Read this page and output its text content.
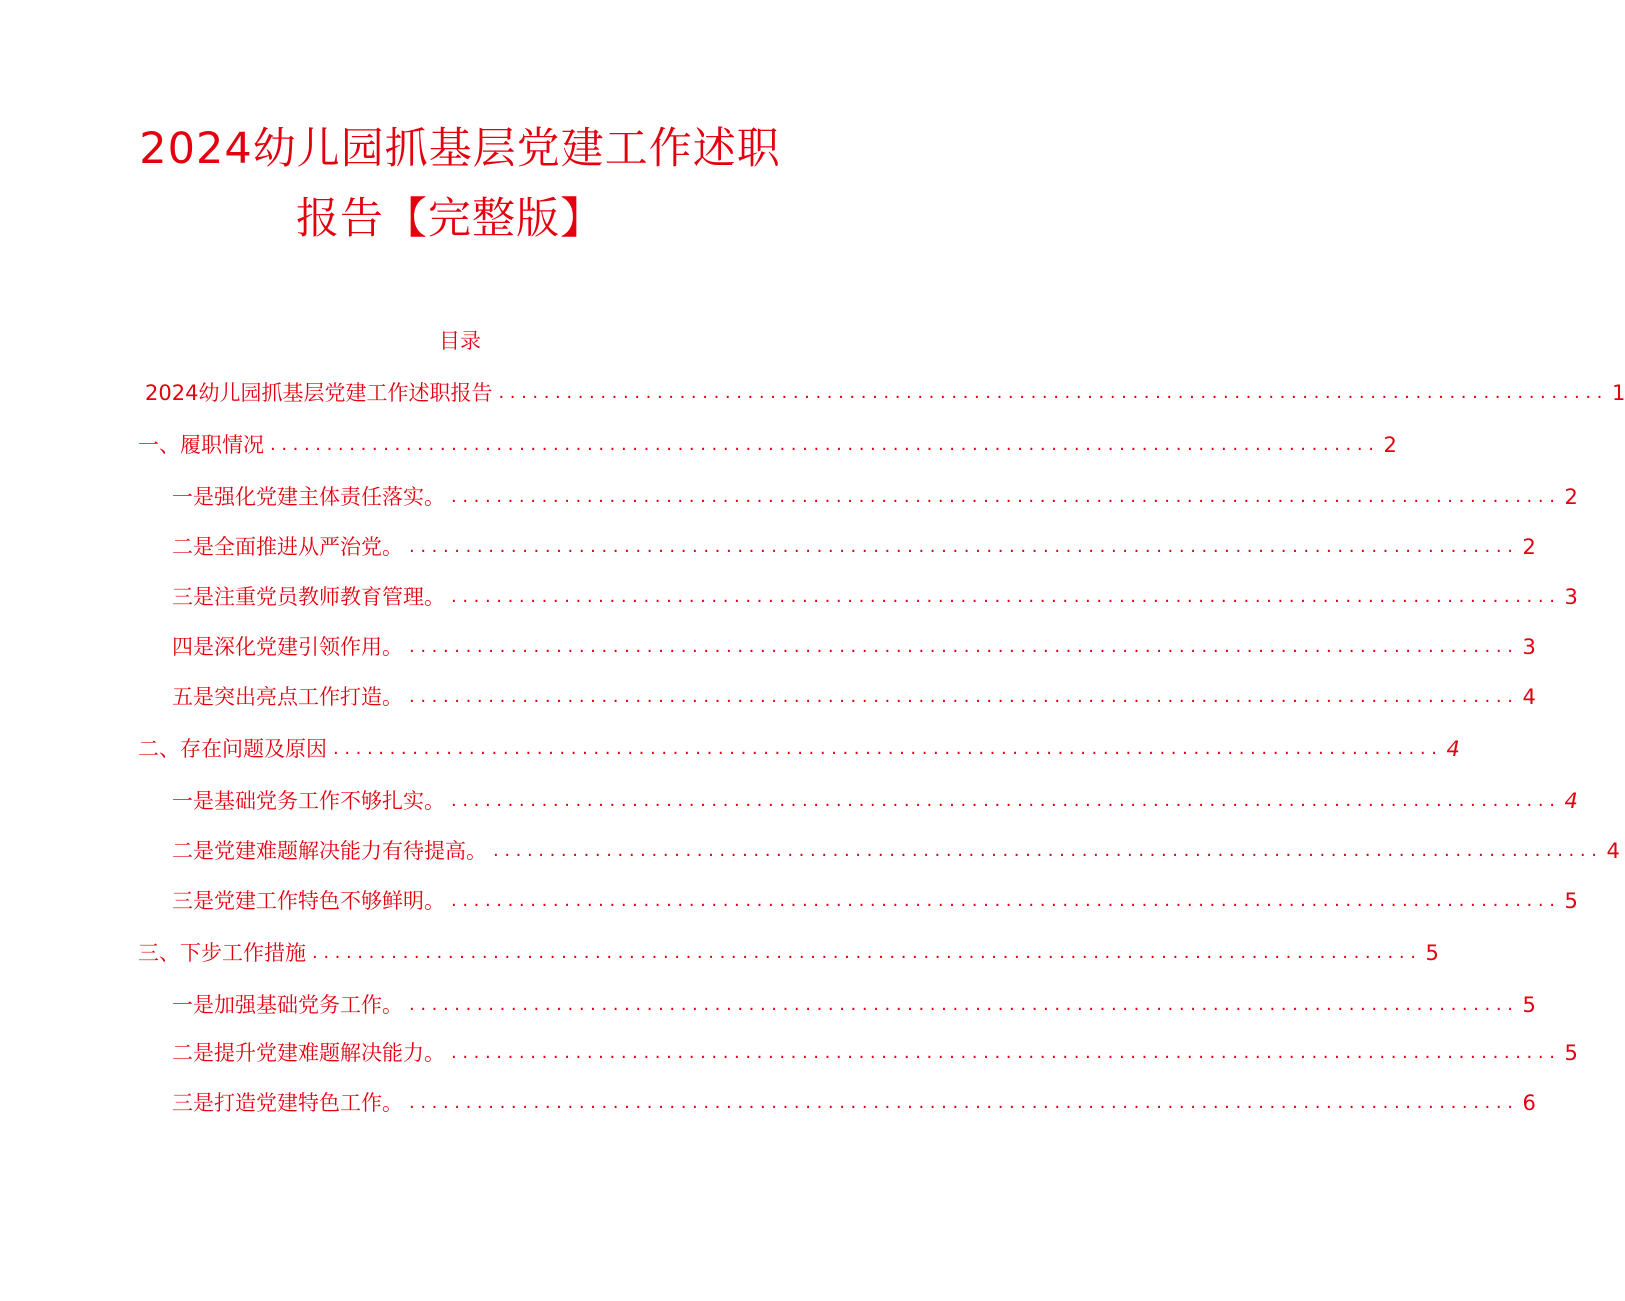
2024幼儿园抓基层党建工作述职
报告【完整版】
目录
2024幼儿园抓基层党建工作述职报告 .................................................................................................. 1
一、履职情况 .................................................................................................. 2
一是强化党建主体责任落实。 .................................................................................................. 2
二是全面推进从严治党。 .................................................................................................. 2
三是注重党员教师教育管理。 .................................................................................................. 3
四是深化党建引领作用。 .................................................................................................. 3
五是突出亮点工作打造。 .................................................................................................. 4
二、存在问题及原因 .................................................................................................. 4
一是基础党务工作不够扎实。 .................................................................................................. 4
二是党建难题解决能力有待提高。 .................................................................................................. 4
三是党建工作特色不够鲜明。 .................................................................................................. 5
三、下步工作措施 .................................................................................................. 5
一是加强基础党务工作。 .................................................................................................. 5
二是提升党建难题解决能力。 .................................................................................................. 5
三是打造党建特色工作。 .................................................................................................. 6
